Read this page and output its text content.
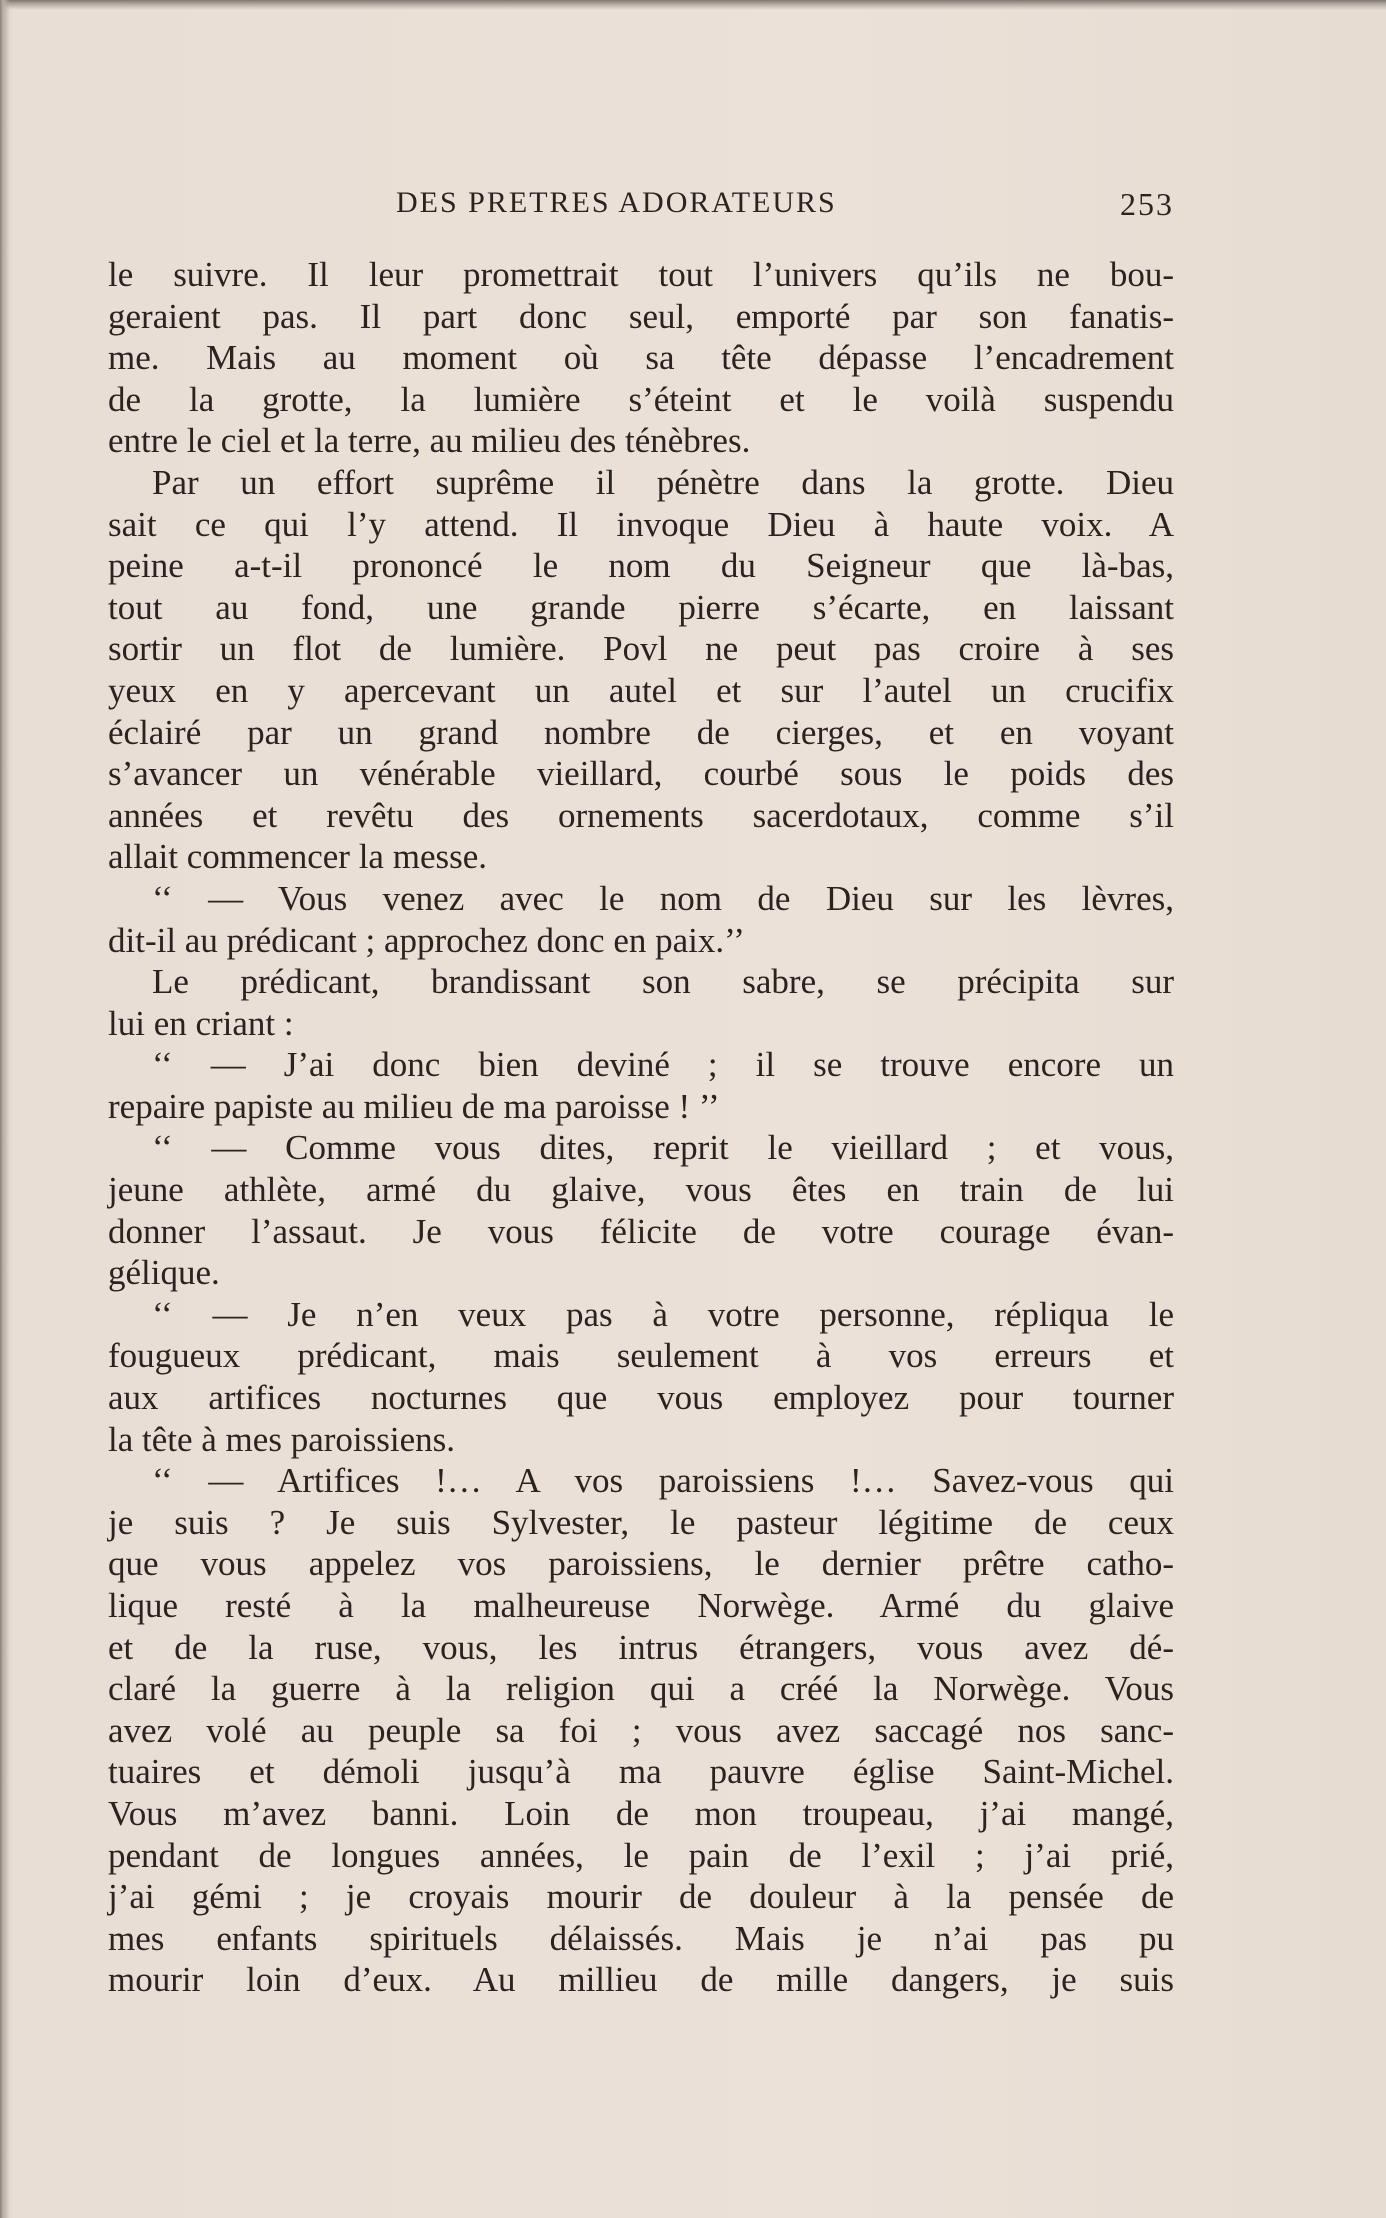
DES PRETRES ADORATEURS	253
le suivre. Il leur promettrait tout l’univers qu’ils ne bou-
geraient pas. Il part donc seul, emporté par son fanatis-
me. Mais au moment où sa tête dépasse l’encadrement
de la grotte, la lumière s’éteint et le voilà suspendu
entre le ciel et la terre, au milieu des ténèbres.
Par un effort suprême il pénètre dans la grotte. Dieu
sait ce qui l’y attend. Il invoque Dieu à haute voix. A
peine a-t-il prononcé le nom du Seigneur que là-bas,
tout au fond, une grande pierre s’écarte, en laissant
sortir un flot de lumière. Povl ne peut pas croire à ses
yeux en y apercevant un autel et sur l’autel un crucifix
éclairé par un grand nombre de cierges, et en voyant
s’avancer un vénérable vieillard, courbé sous le poids des
années et revêtu des ornements sacerdotaux, comme s’il
allait commencer la messe.
‘‘ — Vous venez avec le nom de Dieu sur les lèvres,
dit-il au prédicant ; approchez donc en paix.’’
Le prédicant, brandissant son sabre, se précipita sur
lui en criant :
‘‘ — J’ai donc bien deviné ; il se trouve encore un
repaire papiste au milieu de ma paroisse ! ’’
‘‘ — Comme vous dites, reprit le vieillard ; et vous,
jeune athlète, armé du glaive, vous êtes en train de lui
donner l’assaut. Je vous félicite de votre courage évan-
gélique.
‘‘ — Je n’en veux pas à votre personne, répliqua le
fougueux prédicant, mais seulement à vos erreurs et
aux artifices nocturnes que vous employez pour tourner
la tête à mes paroissiens.
‘‘ — Artifices !… A vos paroissiens !… Savez-vous qui
je suis ? Je suis Sylvester, le pasteur légitime de ceux
que vous appelez vos paroissiens, le dernier prêtre catho-
lique resté à la malheureuse Norwège. Armé du glaive
et de la ruse, vous, les intrus étrangers, vous avez dé-
claré la guerre à la religion qui a créé la Norwège. Vous
avez volé au peuple sa foi ; vous avez saccagé nos sanc-
tuaires et démoli jusqu’à ma pauvre église Saint-Michel.
Vous m’avez banni. Loin de mon troupeau, j’ai mangé,
pendant de longues années, le pain de l’exil ; j’ai prié,
j’ai gémi ; je croyais mourir de douleur à la pensée de
mes enfants spirituels délaissés. Mais je n’ai pas pu
mourir loin d’eux. Au millieu de mille dangers, je suis
